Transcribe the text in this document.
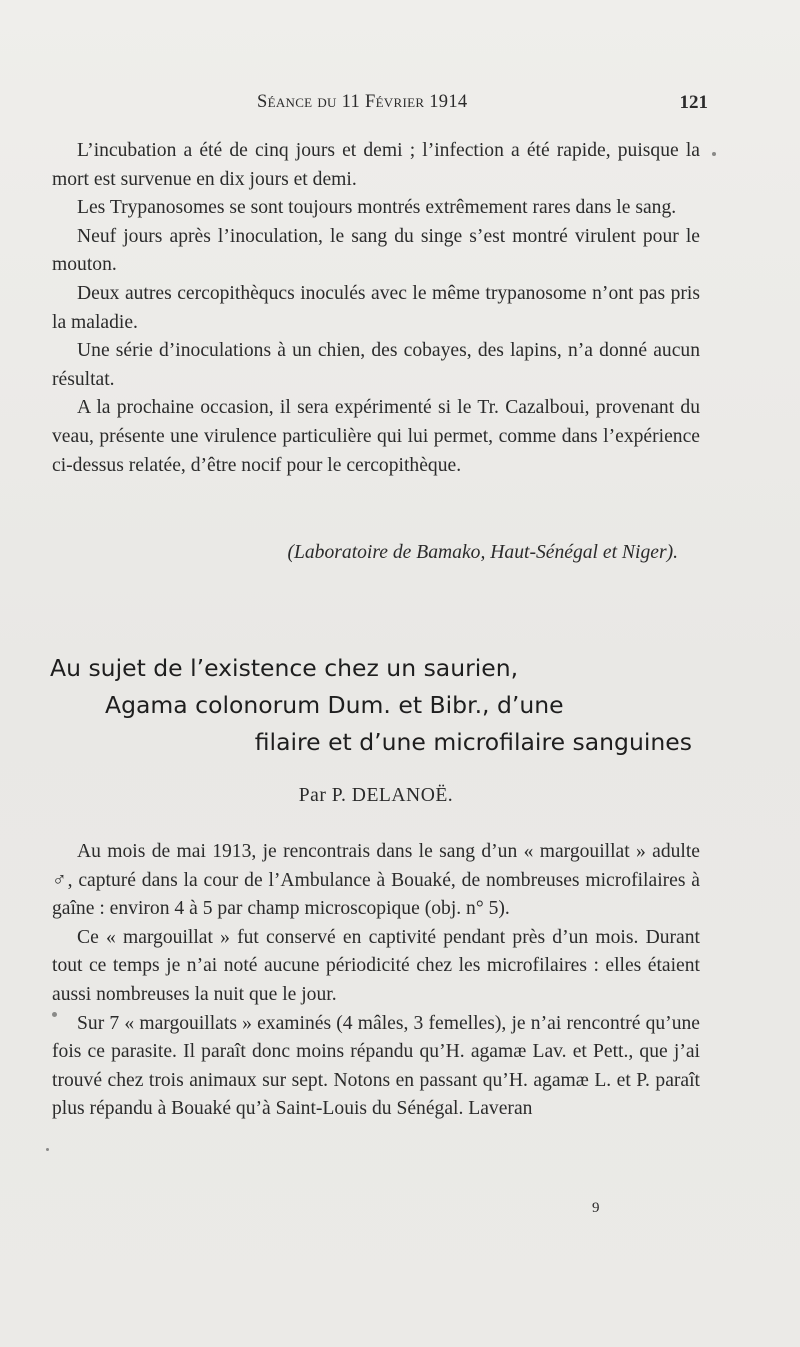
Séance du 11 Février 1914	121

L’incubation a été de cinq jours et demi ; l’infection a été rapide, puisque la mort est survenue en dix jours et demi.

Les Trypanosomes se sont toujours montrés extrêmement rares dans le sang.

Neuf jours après l’inoculation, le sang du singe s’est montré virulent pour le mouton.

Deux autres cercopithèqucs inoculés avec le même trypanosome n’ont pas pris la maladie.

Une série d’inoculations à un chien, des cobayes, des lapins, n’a donné aucun résultat.

A la prochaine occasion, il sera expérimenté si le Tr. Cazalboui, provenant du veau, présente une virulence particulière qui lui permet, comme dans l’expérience ci-dessus relatée, d’être nocif pour le cercopithèque.

(Laboratoire de Bamako, Haut-Sénégal et Niger).
Au sujet de l’existence chez un saurien,
Agama colonorum Dum. et Bibr., d’une
filaire et d’une microfilaire sanguines
Par P. DELANOË.

Au mois de mai 1913, je rencontrais dans le sang d’un « margouillat » adulte ♂, capturé dans la cour de l’Ambulance à Bouaké, de nombreuses microfilaires à gaîne : environ 4 à 5 par champ microscopique (obj. n° 5).

Ce « margouillat » fut conservé en captivité pendant près d’un mois. Durant tout ce temps je n’ai noté aucune périodicité chez les microfilaires : elles étaient aussi nombreuses la nuit que le jour.

Sur 7 « margouillats » examinés (4 mâles, 3 femelles), je n’ai rencontré qu’une fois ce parasite. Il paraît donc moins répandu qu’H. agamæ Lav. et Pett., que j’ai trouvé chez trois animaux sur sept. Notons en passant qu’H. agamæ L. et P. paraît plus répandu à Bouaké qu’à Saint-Louis du Sénégal. Laveran

9
